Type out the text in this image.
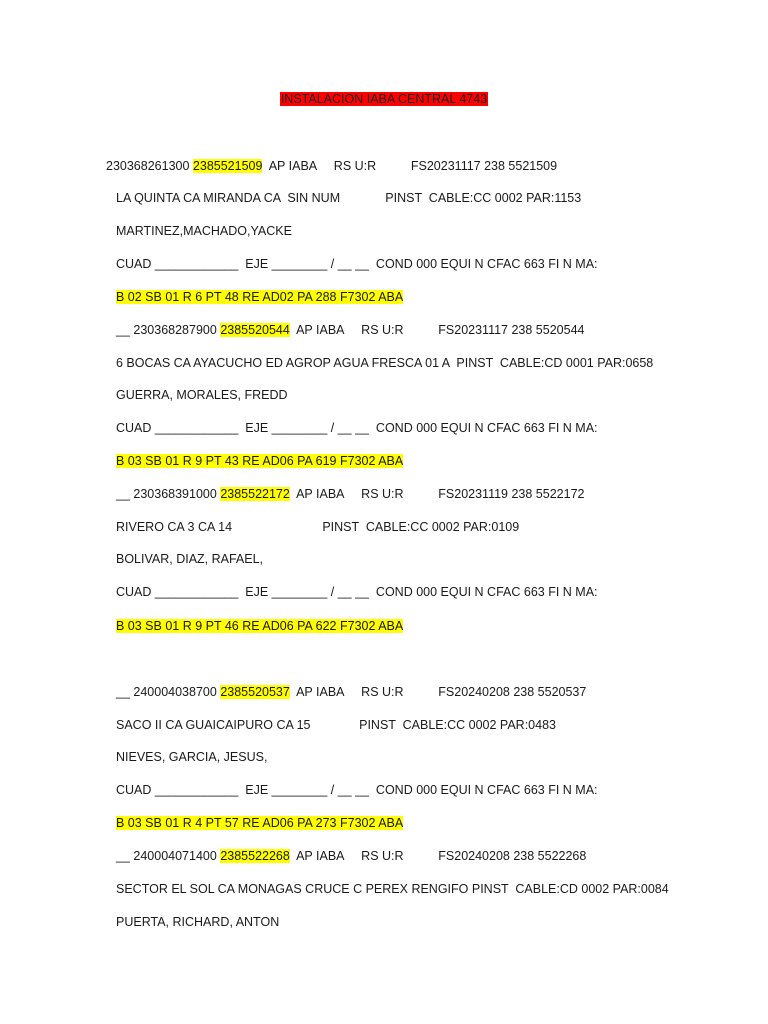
INSTALACION IABA CENTRAL 4743
230368261300 2385521509  AP IABA     RS U:R          FS20231117 238 5521509
LA QUINTA CA MIRANDA CA  SIN NUM             PINST  CABLE:CC 0002 PAR:1153
MARTINEZ,MACHADO,YACKE
CUAD ____________  EJE ________ / __ __  COND 000 EQUI N CFAC 663 FI N MA:
B 02 SB 01 R 6 PT 48 RE AD02 PA 288 F7302 ABA
__ 230368287900 2385520544  AP IABA     RS U:R          FS20231117 238 5520544
6 BOCAS CA AYACUCHO ED AGROP AGUA FRESCA 01 A  PINST  CABLE:CD 0001 PAR:0658
GUERRA, MORALES, FREDD
CUAD ____________  EJE ________ / __ __  COND 000 EQUI N CFAC 663 FI N MA:
B 03 SB 01 R 9 PT 43 RE AD06 PA 619 F7302 ABA
__ 230368391000 2385522172  AP IABA     RS U:R          FS20231119 238 5522172
RIVERO CA 3 CA 14                          PINST  CABLE:CC 0002 PAR:0109
BOLIVAR, DIAZ, RAFAEL,
CUAD ____________  EJE ________ / __ __  COND 000 EQUI N CFAC 663 FI N MA:
B 03 SB 01 R 9 PT 46 RE AD06 PA 622 F7302 ABA
__ 240004038700 2385520537  AP IABA     RS U:R          FS20240208 238 5520537
SACO II CA GUAICAIPURO CA 15              PINST  CABLE:CC 0002 PAR:0483
NIEVES, GARCIA, JESUS,
CUAD ____________  EJE ________ / __ __  COND 000 EQUI N CFAC 663 FI N MA:
B 03 SB 01 R 4 PT 57 RE AD06 PA 273 F7302 ABA
__ 240004071400 2385522268  AP IABA     RS U:R          FS20240208 238 5522268
SECTOR EL SOL CA MONAGAS CRUCE C PEREX RENGIFO PINST  CABLE:CD 0002 PAR:0084
PUERTA, RICHARD, ANTON
